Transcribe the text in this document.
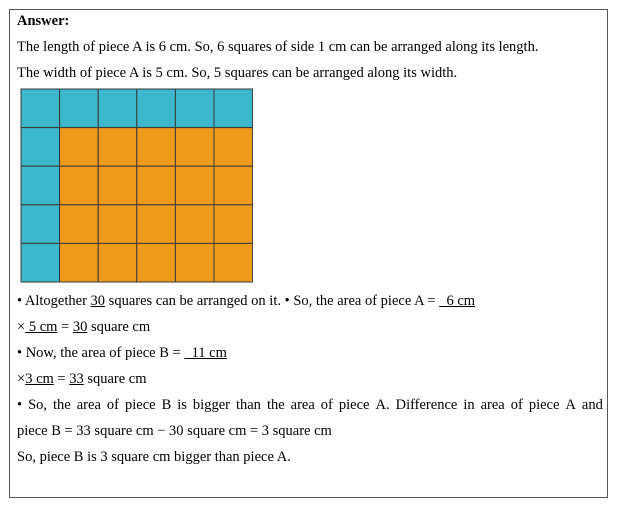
Answer:
The length of piece A is 6 cm. So, 6 squares of side 1 cm can be arranged along its length.
The width of piece A is 5 cm. So, 5 squares can be arranged along its width.
• Altogether 30 squares can be arranged on it. • So, the area of piece A =   6 cm
× 5 cm = 30 square cm
• Now, the area of piece B =   11 cm
×3 cm = 33 square cm
• So, the area of piece B is bigger than the area of piece A. Difference in area of piece A and
piece B = 33 square cm − 30 square cm = 3 square cm
So, piece B is 3 square cm bigger than piece A.
